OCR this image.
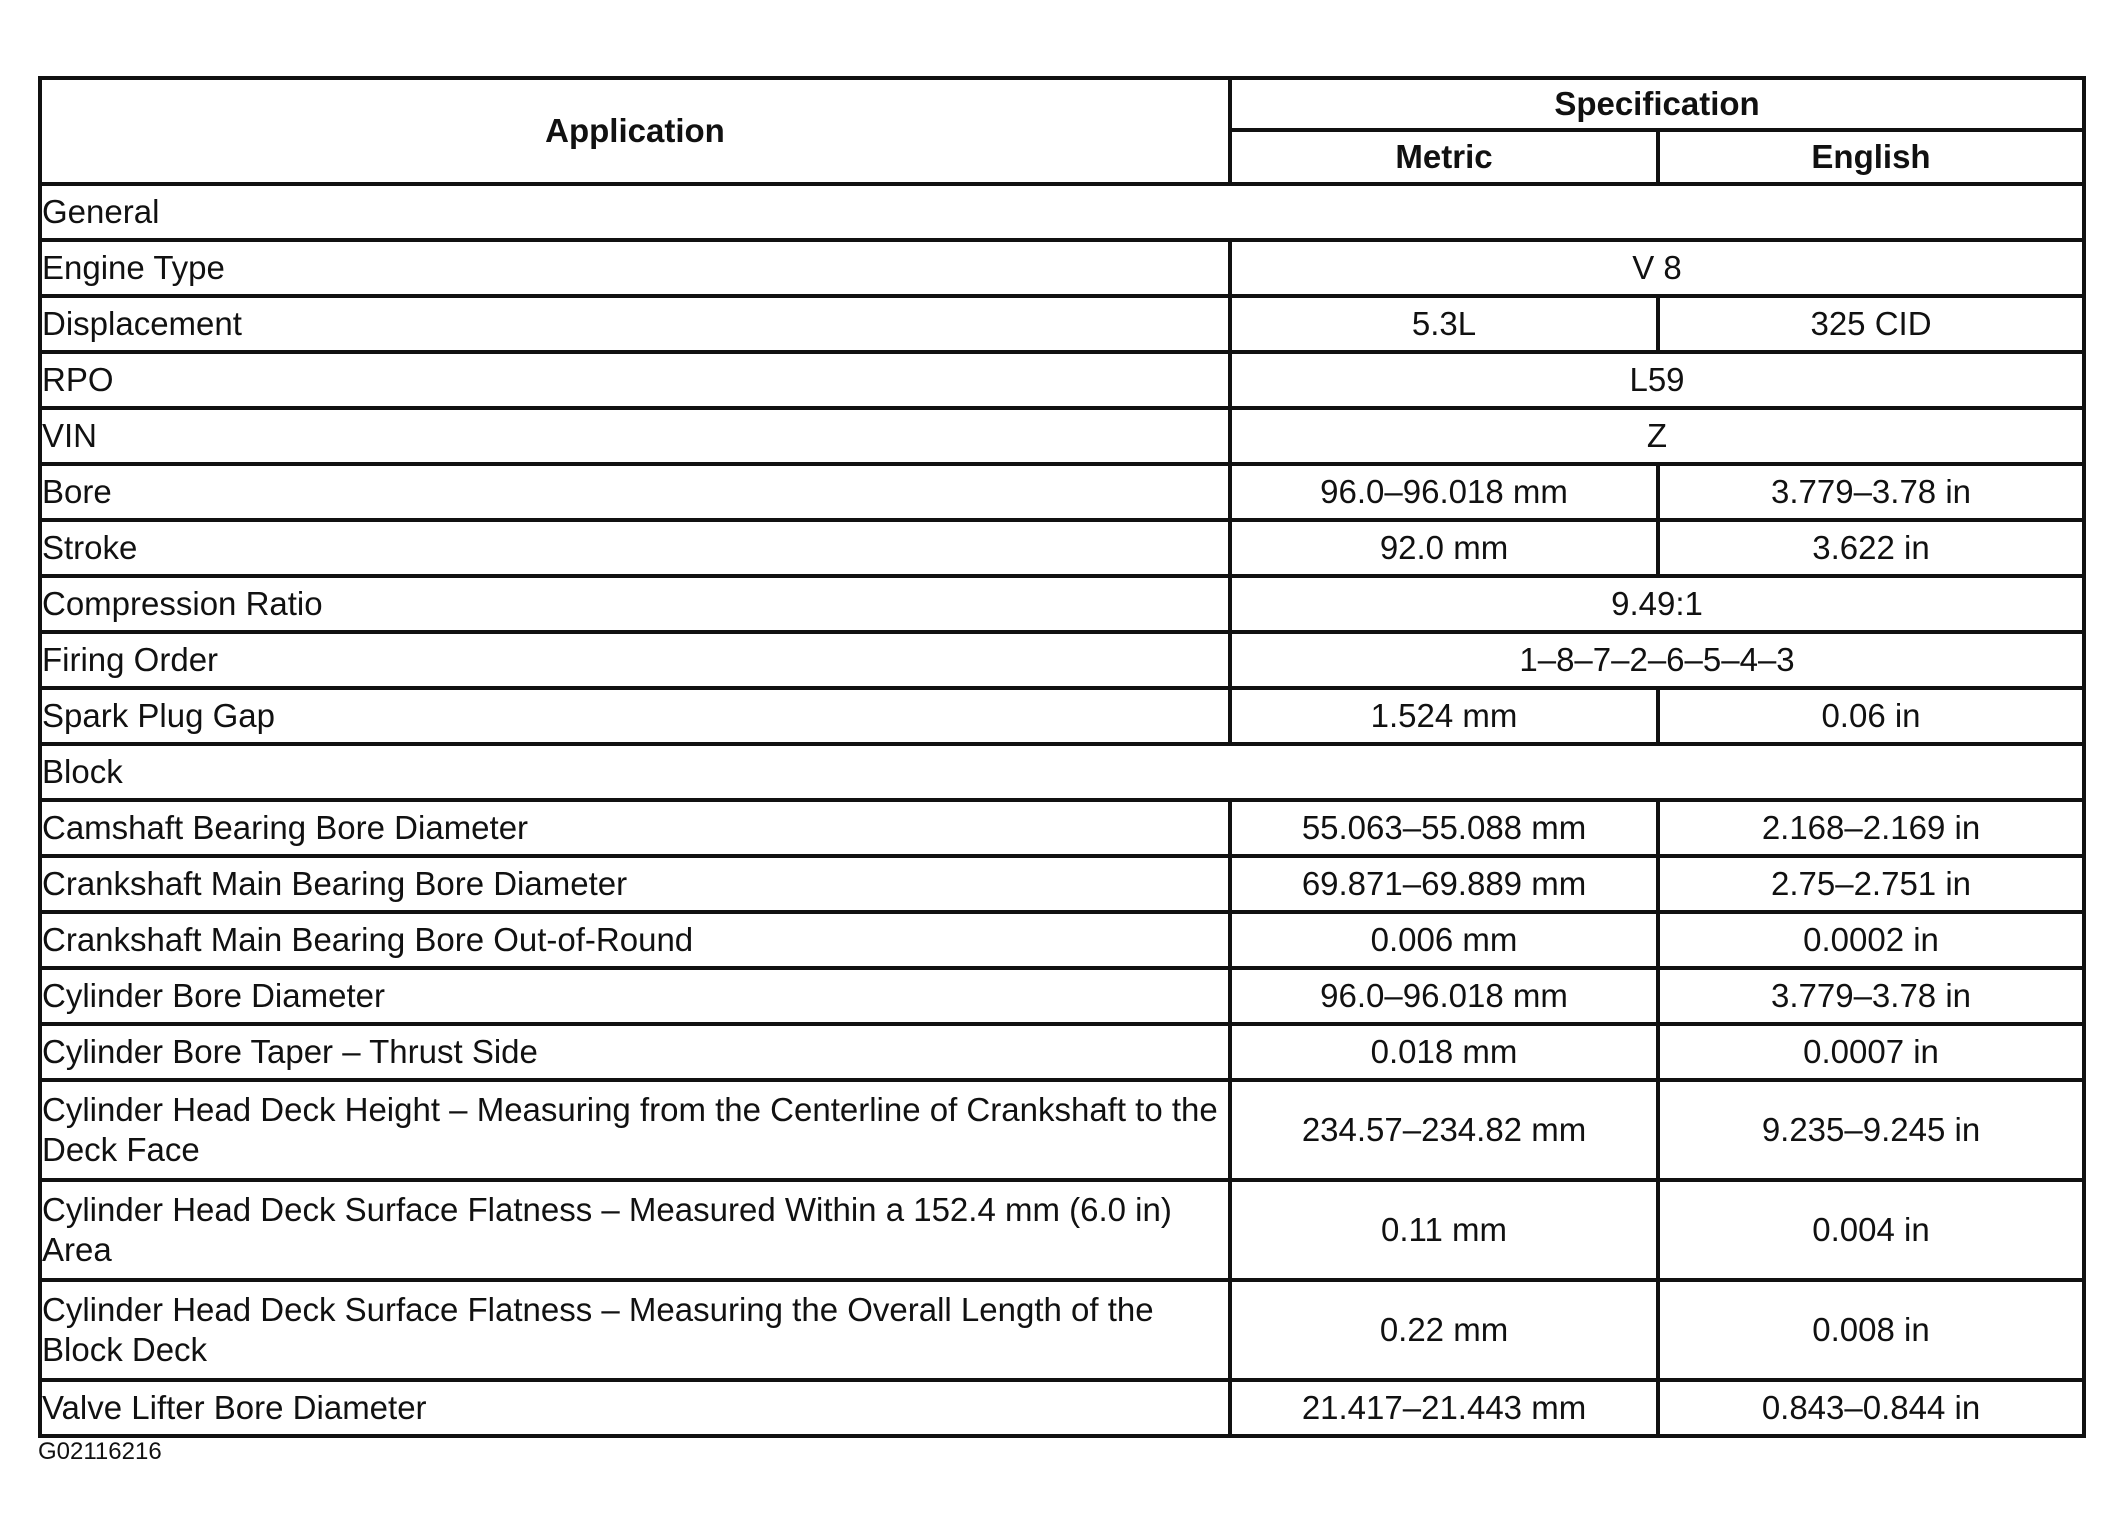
Application	Specification	
	Metric	English
General		
Engine Type	V 8	
Displacement	5.3L	325 CID
RPO	L59	
VIN	Z	
Bore	96.0–96.018 mm	3.779–3.78 in
Stroke	92.0 mm	3.622 in
Compression Ratio	9.49:1	
Firing Order	1–8–7–2–6–5–4–3	
Spark Plug Gap	1.524 mm	0.06 in
Block		
Camshaft Bearing Bore Diameter	55.063–55.088 mm	2.168–2.169 in
Crankshaft Main Bearing Bore Diameter	69.871–69.889 mm	2.75–2.751 in
Crankshaft Main Bearing Bore Out-of-Round	0.006 mm	0.0002 in
Cylinder Bore Diameter	96.0–96.018 mm	3.779–3.78 in
Cylinder Bore Taper – Thrust Side	0.018 mm	0.0007 in
Cylinder Head Deck Height – Measuring from the Centerline of Crankshaft to the Deck Face	234.57–234.82 mm	9.235–9.245 in
Cylinder Head Deck Surface Flatness – Measured Within a 152.4 mm (6.0 in) Area	0.11 mm	0.004 in
Cylinder Head Deck Surface Flatness – Measuring the Overall Length of the Block Deck	0.22 mm	0.008 in
Valve Lifter Bore Diameter	21.417–21.443 mm	0.843–0.844 in
G02116216
